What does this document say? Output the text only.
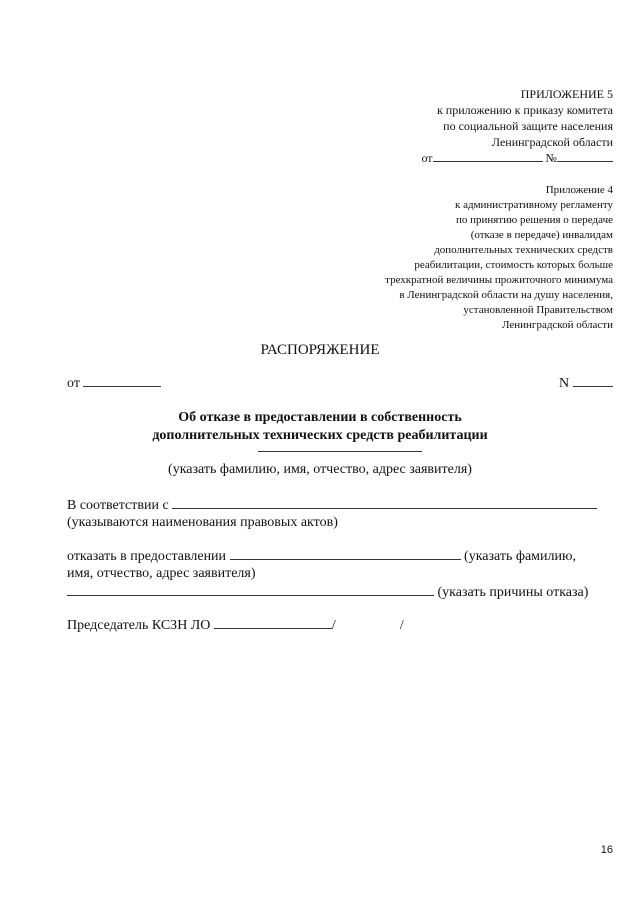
ПРИЛОЖЕНИЕ 5
к приложению к приказу комитета
по социальной защите населения
Ленинградской области
от	№
Приложение 4
к административному регламенту
по принятию решения о передаче
(отказе в передаче) инвалидам
дополнительных технических средств
реабилитации, стоимость которых больше
трехкратной величины прожиточного минимума
в Ленинградской области на душу населения,
установленной Правительством
Ленинградской области
РАСПОРЯЖЕНИЕ
от	N
Об отказе в предоставлении в собственность
дополнительных технических средств реабилитации
(указать фамилию, имя, отчество, адрес заявителя)
В соответствии с
(указываются наименования правовых актов)
отказать в предоставлении	(указать фамилию,
имя, отчество, адрес заявителя)
(указать причины отказа)
Председатель КСЗН ЛО	/	/
16
